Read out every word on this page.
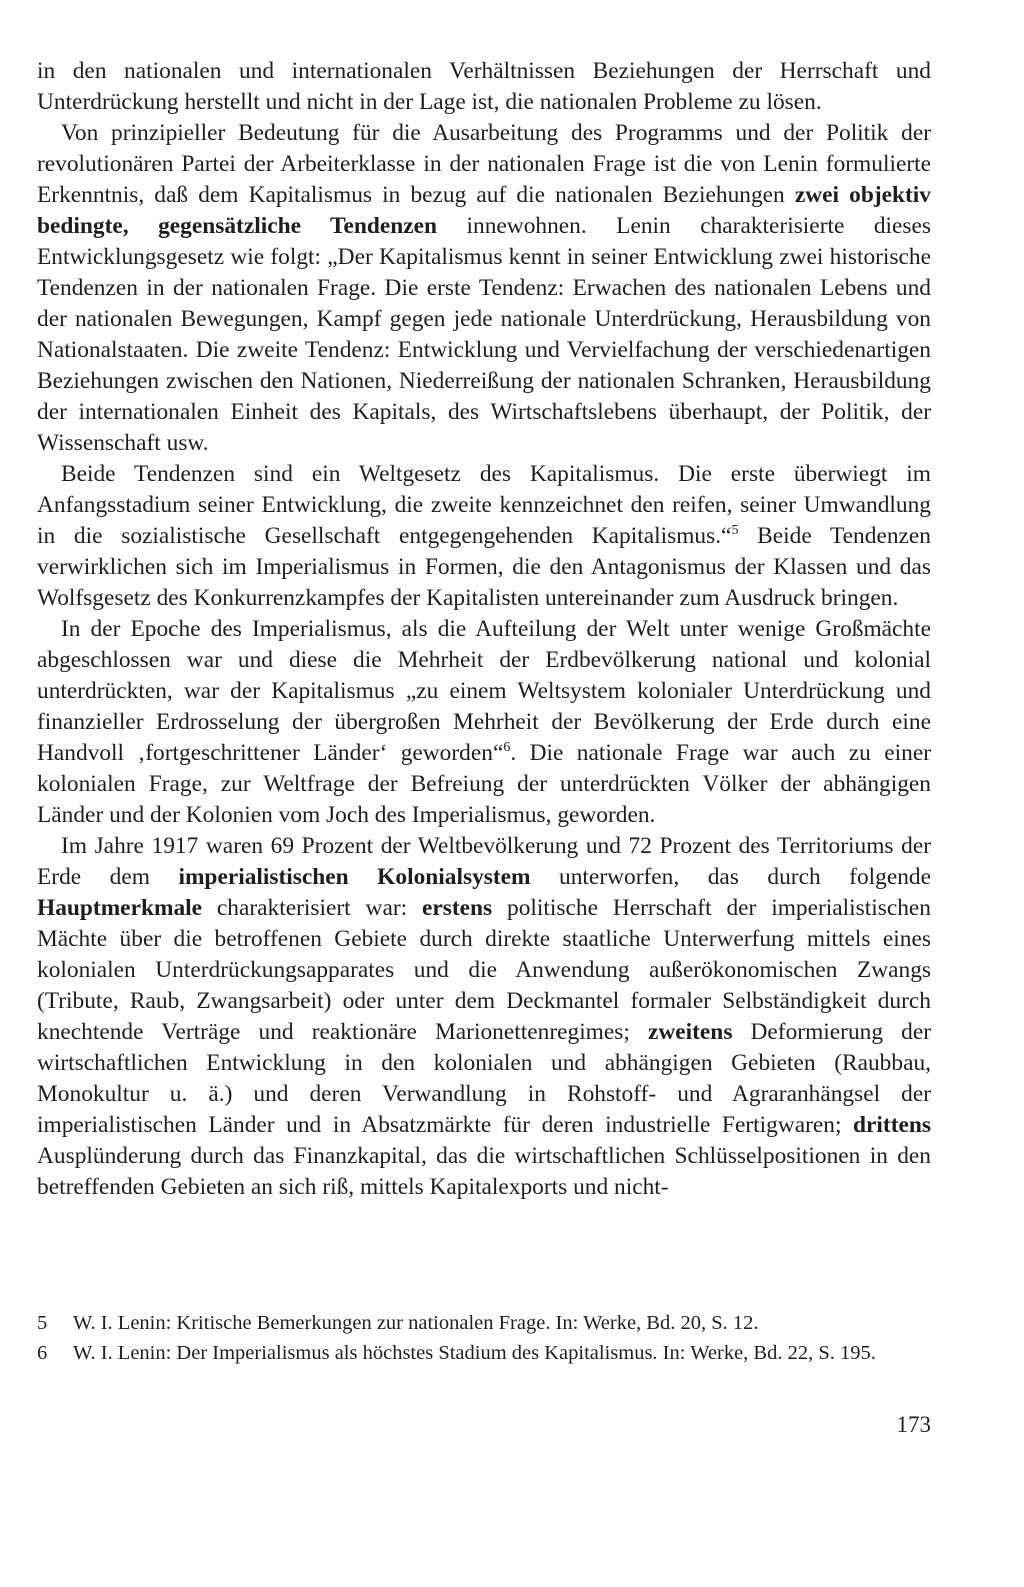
in den nationalen und internationalen Verhältnissen Beziehungen der Herrschaft und Unterdrückung herstellt und nicht in der Lage ist, die nationalen Probleme zu lösen.

Von prinzipieller Bedeutung für die Ausarbeitung des Programms und der Politik der revolutionären Partei der Arbeiterklasse in der nationalen Frage ist die von Lenin formulierte Erkenntnis, daß dem Kapitalismus in bezug auf die nationalen Beziehungen zwei objektiv bedingte, gegensätzliche Tendenzen innewohnen. Lenin charakterisierte dieses Entwicklungsgesetz wie folgt: „Der Kapitalismus kennt in seiner Entwicklung zwei historische Tendenzen in der nationalen Frage. Die erste Tendenz: Erwachen des nationalen Lebens und der nationalen Bewegungen, Kampf gegen jede nationale Unterdrückung, Herausbildung von Nationalstaaten. Die zweite Tendenz: Entwicklung und Vervielfachung der verschiedenartigen Beziehungen zwischen den Nationen, Niederreißung der nationalen Schranken, Herausbildung der internationalen Einheit des Kapitals, des Wirtschaftslebens überhaupt, der Politik, der Wissenschaft usw.

Beide Tendenzen sind ein Weltgesetz des Kapitalismus. Die erste überwiegt im Anfangsstadium seiner Entwicklung, die zweite kennzeichnet den reifen, seiner Umwandlung in die sozialistische Gesellschaft entgegengehenden Kapitalismus.“$^5$ Beide Tendenzen verwirklichen sich im Imperialismus in Formen, die den Antagonismus der Klassen und das Wolfsgesetz des Konkurrenzkampfes der Kapitalisten untereinander zum Ausdruck bringen.

In der Epoche des Imperialismus, als die Aufteilung der Welt unter wenige Großmächte abgeschlossen war und diese die Mehrheit der Erdbevölkerung national und kolonial unterdrückten, war der Kapitalismus „zu einem Weltsystem kolonialer Unterdrückung und finanzieller Erdrosselung der übergroßen Mehrheit der Bevölkerung der Erde durch eine Handvoll ‚fortgeschrittener Länder‘ geworden“$^6$. Die nationale Frage war auch zu einer kolonialen Frage, zur Weltfrage der Befreiung der unterdrückten Völker der abhängigen Länder und der Kolonien vom Joch des Imperialismus, geworden.

Im Jahre 1917 waren 69 Prozent der Weltbevölkerung und 72 Prozent des Territoriums der Erde dem imperialistischen Kolonialsystem unterworfen, das durch folgende Hauptmerkmale charakterisiert war: erstens politische Herrschaft der imperialistischen Mächte über die betroffenen Gebiete durch direkte staatliche Unterwerfung mittels eines kolonialen Unterdrückungsapparates und die Anwendung außerökonomischen Zwangs (Tribute, Raub, Zwangsarbeit) oder unter dem Deckmantel formaler Selbständigkeit durch knechtende Verträge und reaktionäre Marionettenregimes; zweitens Deformierung der wirtschaftlichen Entwicklung in den kolonialen und abhängigen Gebieten (Raubbau, Monokultur u. ä.) und deren Verwandlung in Rohstoff- und Agraranhängsel der imperialistischen Länder und in Absatzmärkte für deren industrielle Fertigwaren; drittens Ausplünderung durch das Finanzkapital, das die wirtschaftlichen Schlüsselpositionen in den betreffenden Gebieten an sich riß, mittels Kapitalexports und nicht-

5	W. I. Lenin: Kritische Bemerkungen zur nationalen Frage. In: Werke, Bd. 20, S. 12.
6	W. I. Lenin: Der Imperialismus als höchstes Stadium des Kapitalismus. In: Werke, Bd. 22, S. 195.
173
